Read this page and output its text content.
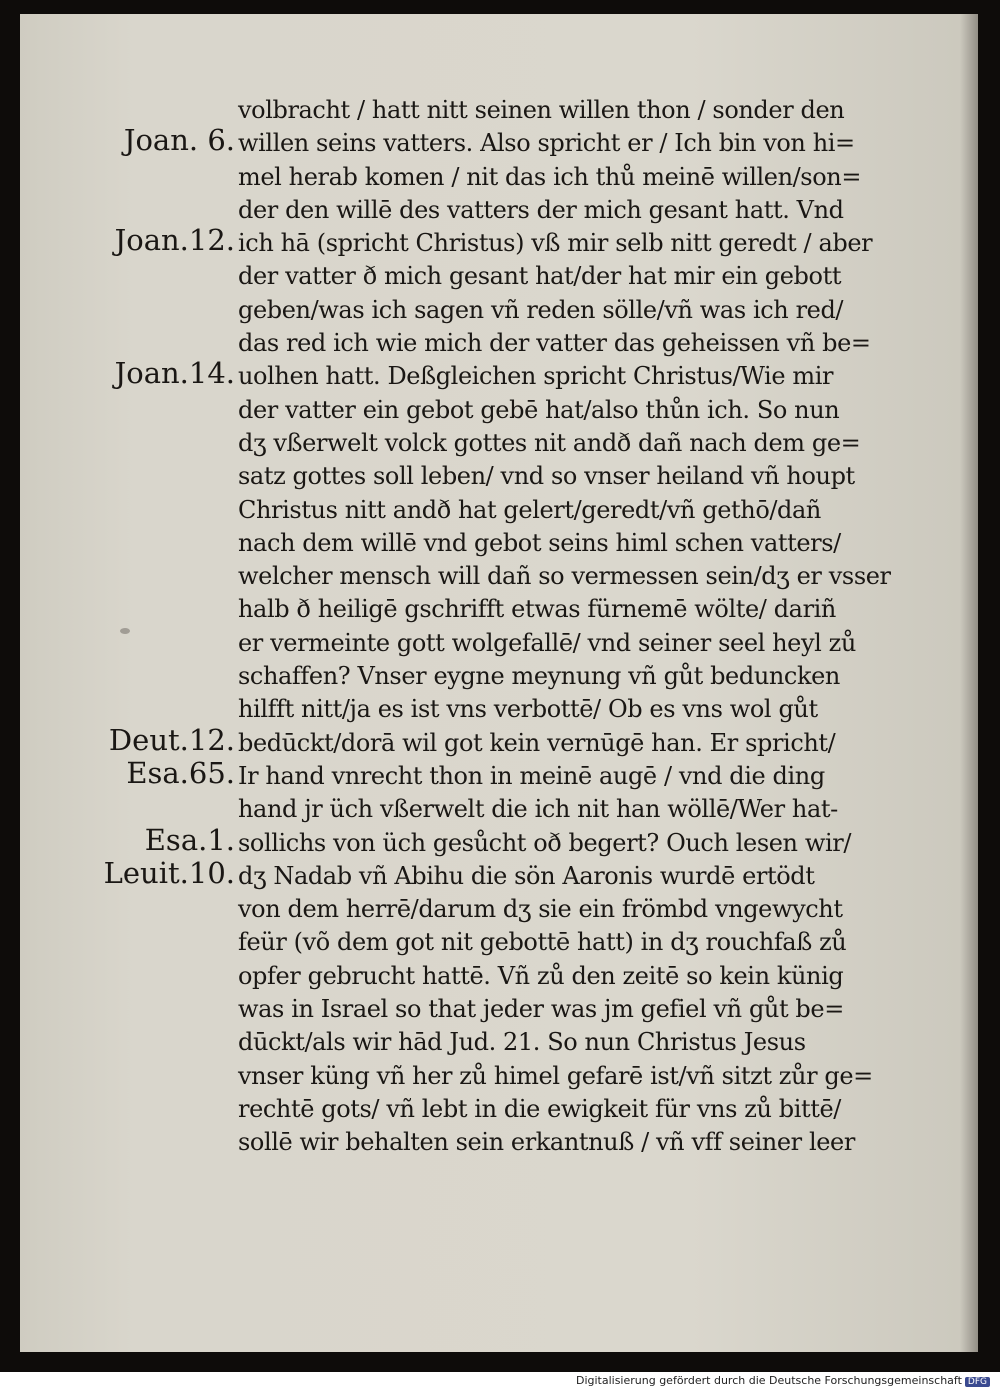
Joan. 6.
Joan.12.
Joan.14.
Deut.12.
Esa.65.
Esa.1.
Leuit.10.
volbracht / hatt nitt seinen willen thon / sonder den
willen seins vatters. Also spricht er / Ich bin von hi=
mel herab komen / nit das ich thů meinē willen/son=
der den willē des vatters der mich gesant hatt. Vnd
ich hā (spricht Christus) vß mir selb nitt geredt / aber
der vatter ð mich gesant hat/der hat mir ein gebott
geben/was ich sagen vñ reden sölle/vñ was ich red/
das red ich wie mich der vatter das geheissen vñ be=
uolhen hatt. Deßgleichen spricht Christus/Wie mir
der vatter ein gebot gebē hat/also thůn ich. So nun
dʒ vßerwelt volck gottes nit andð dañ nach dem ge=
satz gottes soll leben/ vnd so vnser heiland vñ houpt
Christus nitt andð hat gelert/geredt/vñ gethō/dañ
nach dem willē vnd gebot seins himl schen vatters/
welcher mensch will dañ so vermessen sein/dʒ er vsser
halb ð heiligē gschrifft etwas fürnemē wölte/ dariñ
er vermeinte gott wolgefallē/ vnd seiner seel heyl zů
schaffen? Vnser eygne meynung vñ gůt beduncken
hilfft nitt/ja es ist vns verbottē/ Ob es vns wol gůt
bedūckt/dorā wil got kein vernūgē han. Er spricht/
Ir hand vnrecht thon in meinē augē / vnd die ding
hand jr üch vßerwelt die ich nit han wöllē/Wer hat-
sollichs von üch gesůcht oð begert? Ouch lesen wir/
dʒ Nadab vñ Abihu die sön Aaronis wurdē ertödt
von dem herrē/darum dʒ sie ein frömbd vngewycht
feür (võ dem got nit gebottē hatt) in dʒ rouchfaß zů
opfer gebrucht hattē. Vñ zů den zeitē so kein künig
was in Israel so that jeder was jm gefiel vñ gůt be=
dūckt/als wir hād Jud. 21. So nun Christus Jesus
vnser küng vñ her zů himel gefarē ist/vñ sitzt zůr ge=
rechtē gots/ vñ lebt in die ewigkeit für vns zů bittē/
sollē wir behalten sein erkantnuß / vñ vff seiner leer
Digitalisierung gefördert durch die Deutsche Forschungsgemeinschaft DFG
